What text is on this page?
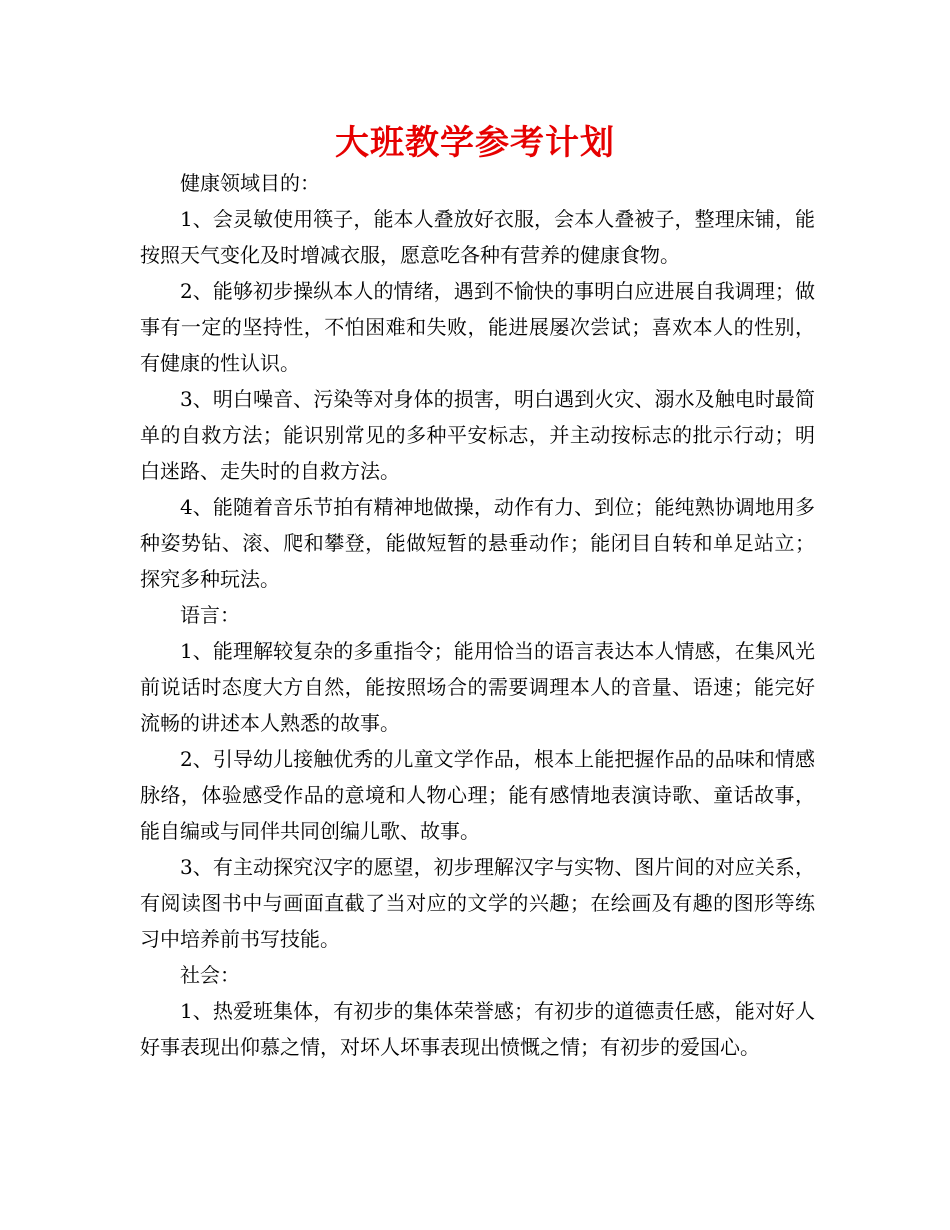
大班教学参考计划

健康领域目的：

1、会灵敏使用筷子，能本人叠放好衣服，会本人叠被子，整理床铺，能按照天气变化及时增减衣服，愿意吃各种有营养的健康食物。

2、能够初步操纵本人的情绪，遇到不愉快的事明白应进展自我调理；做事有一定的坚持性，不怕困难和失败，能进展屡次尝试；喜欢本人的性别，有健康的性认识。

3、明白噪音、污染等对身体的损害，明白遇到火灾、溺水及触电时最简单的自救方法；能识别常见的多种平安标志，并主动按标志的批示行动；明白迷路、走失时的自救方法。

4、能随着音乐节拍有精神地做操，动作有力、到位；能纯熟协调地用多种姿势钻、滚、爬和攀登，能做短暂的悬垂动作；能闭目自转和单足站立；探究多种玩法。

语言：

1、能理解较复杂的多重指令；能用恰当的语言表达本人情感，在集风光前说话时态度大方自然，能按照场合的需要调理本人的音量、语速；能完好流畅的讲述本人熟悉的故事。

2、引导幼儿接触优秀的儿童文学作品，根本上能把握作品的品味和情感脉络，体验感受作品的意境和人物心理；能有感情地表演诗歌、童话故事，能自编或与同伴共同创编儿歌、故事。

3、有主动探究汉字的愿望，初步理解汉字与实物、图片间的对应关系，有阅读图书中与画面直截了当对应的文学的兴趣；在绘画及有趣的图形等练习中培养前书写技能。

社会：

1、热爱班集体，有初步的集体荣誉感；有初步的道德责任感，能对好人好事表现出仰慕之情，对坏人坏事表现出愤慨之情；有初步的爱国心。
